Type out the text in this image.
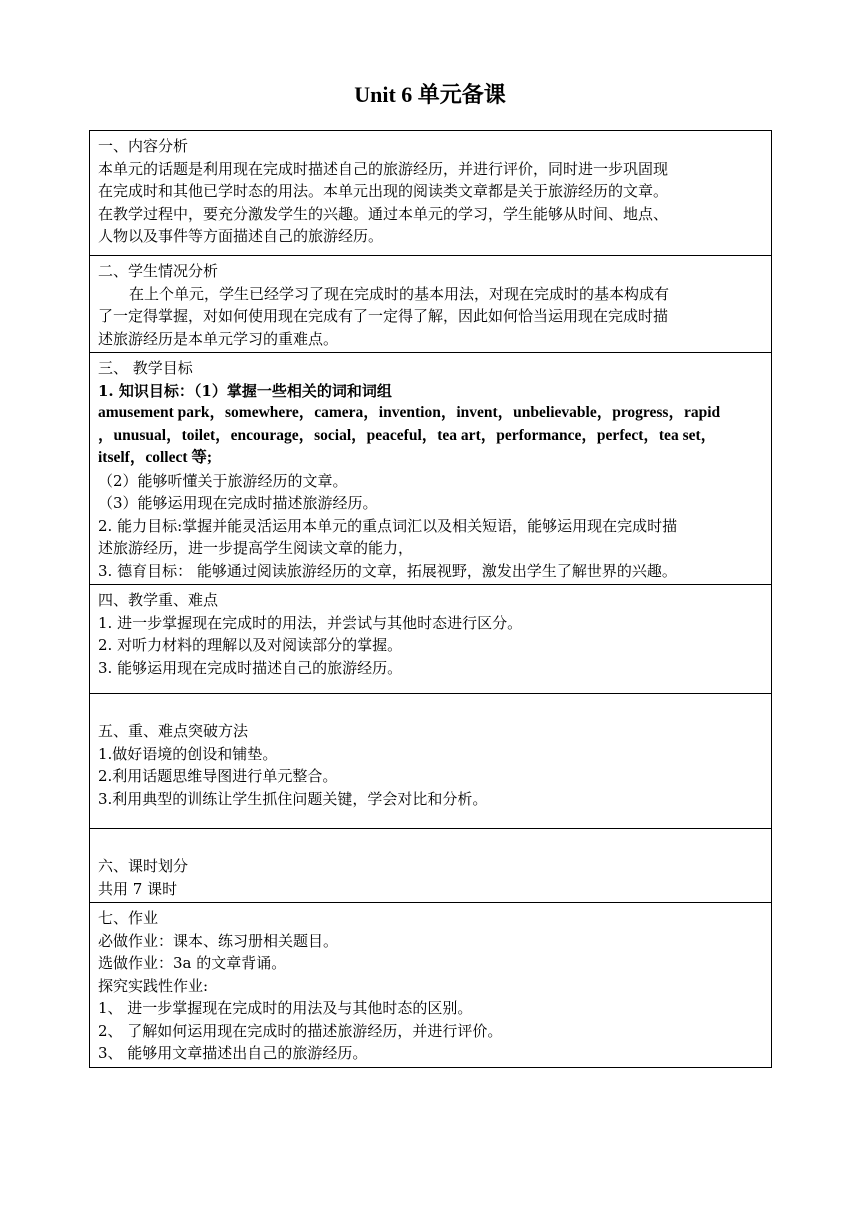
Unit 6 单元备课
一、内容分析
本单元的话题是利用现在完成时描述自己的旅游经历，并进行评价，同时进一步巩固现
在完成时和其他已学时态的用法。本单元出现的阅读类文章都是关于旅游经历的文章。
在教学过程中，要充分激发学生的兴趣。通过本单元的学习，学生能够从时间、地点、
人物以及事件等方面描述自己的旅游经历。

二、学生情况分析
在上个单元，学生已经学习了现在完成时的基本用法，对现在完成时的基本构成有
了一定得掌握，对如何使用现在完成有了一定得了解，因此如何恰当运用现在完成时描
述旅游经历是本单元学习的重难点。

三、 教学目标
1. 知识目标：（1）掌握一些相关的词和词组
amusement park，somewhere，camera，invention，invent，unbelievable，progress，rapid
，unusual，toilet，encourage，social，peaceful，tea art，performance，perfect，tea set，
itself，collect 等;
（2）能够听懂关于旅游经历的文章。
（3）能够运用现在完成时描述旅游经历。
2. 能力目标:掌握并能灵活运用本单元的重点词汇以及相关短语，能够运用现在完成时描
述旅游经历，进一步提高学生阅读文章的能力，
3. 德育目标： 能够通过阅读旅游经历的文章，拓展视野，激发出学生了解世界的兴趣。

四、教学重、难点
1. 进一步掌握现在完成时的用法，并尝试与其他时态进行区分。
2. 对听力材料的理解以及对阅读部分的掌握。
3. 能够运用现在完成时描述自己的旅游经历。

五、重、难点突破方法
1.做好语境的创设和铺垫。
2.利用话题思维导图进行单元整合。
3.利用典型的训练让学生抓住问题关键，学会对比和分析。

六、课时划分
共用 7 课时

七、作业
必做作业：课本、练习册相关题目。
选做作业：3a 的文章背诵。
探究实践性作业:
1、 进一步掌握现在完成时的用法及与其他时态的区别。
2、 了解如何运用现在完成时的描述旅游经历，并进行评价。
3、 能够用文章描述出自己的旅游经历。
